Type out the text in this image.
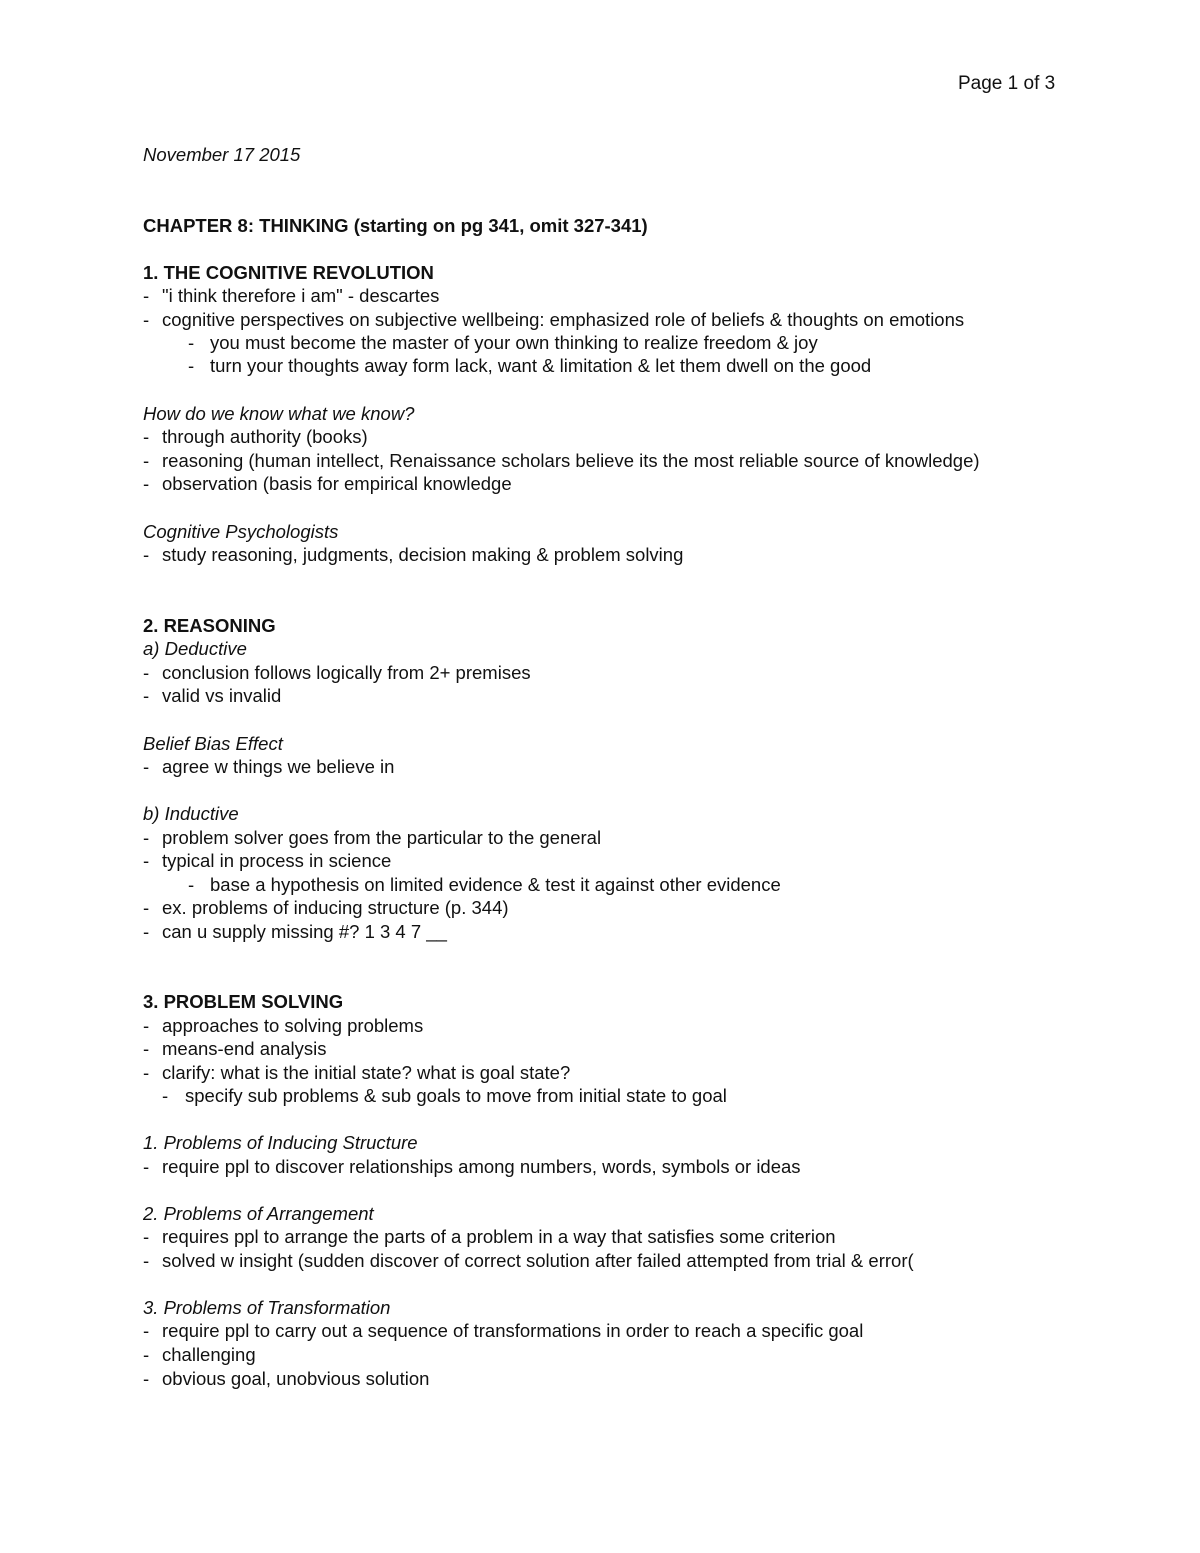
Page 1 of 3
November 17 2015
CHAPTER 8: THINKING (starting on pg 341, omit 327-341)
1. THE COGNITIVE REVOLUTION
- "i think therefore i am" - descartes
- cognitive perspectives on subjective wellbeing: emphasized role of beliefs & thoughts on emotions
- you must become the master of your own thinking to realize freedom & joy
- turn your thoughts away form lack, want & limitation & let them dwell on the good
How do we know what we know?
- through authority (books)
- reasoning (human intellect, Renaissance scholars believe its the most reliable source of knowledge)
- observation (basis for empirical knowledge
Cognitive Psychologists
- study reasoning, judgments, decision making & problem solving
2. REASONING
a) Deductive
- conclusion follows logically from 2+ premises
- valid vs invalid
Belief Bias Effect
- agree w things we believe in
b) Inductive
- problem solver goes from the particular to the general
- typical in process in science
- base a hypothesis on limited evidence & test it against other evidence
- ex. problems of inducing structure (p. 344)
- can u supply missing #? 1 3 4 7 __
3. PROBLEM SOLVING
- approaches to solving problems
- means-end analysis
- clarify: what is the initial state? what is goal state?
- specify sub problems & sub goals to move from initial state to goal
1. Problems of Inducing Structure
- require ppl to discover relationships among numbers, words, symbols or ideas
2. Problems of Arrangement
- requires ppl to arrange the parts of a problem in a way that satisfies some criterion
- solved w insight (sudden discover of correct solution after failed attempted from trial & error(
3. Problems of Transformation
- require ppl to carry out a sequence of transformations in order to reach a specific goal
- challenging
- obvious goal, unobvious solution
